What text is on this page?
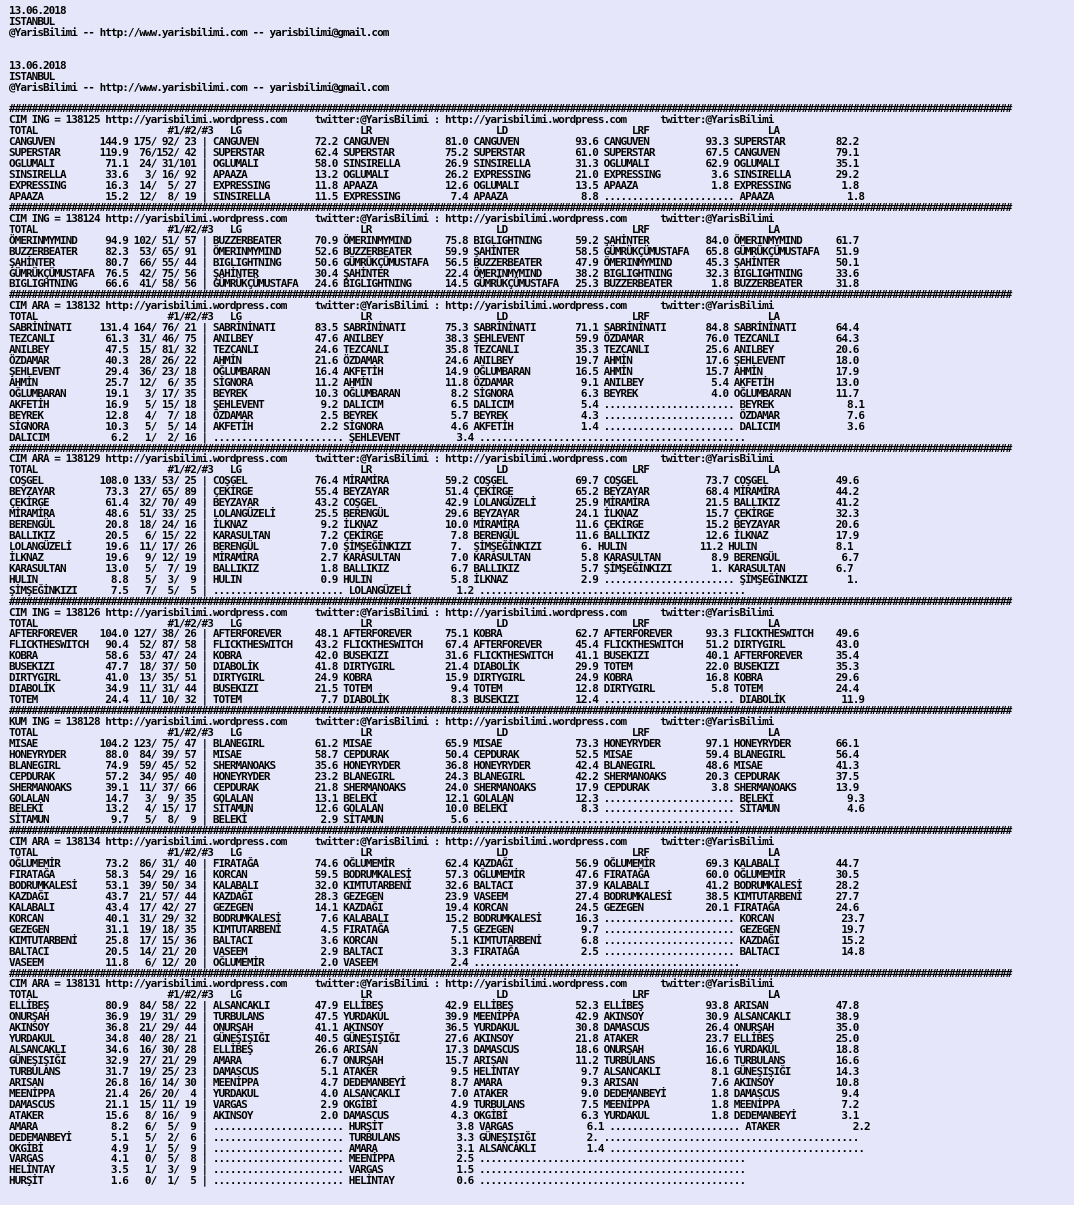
13.06.2018
ISTANBUL
@YarisBilimi -- http://www.yarisbilimi.com -- yarisbilimi@gmail.com
13.06.2018
ISTANBUL
@YarisBilimi -- http://www.yarisbilimi.com -- yarisbilimi@gmail.com
#################################################################################################################################################################################
CIM ING = 138125 http://yarisbilimi.wordpress.com     twitter:@YarisBilimi : http://yarisbilimi.wordpress.com      twitter:@YarisBilimi
TOTAL                       #1/#2/#3   LG                     LR                      LD                      LRF                     LA
CANGUVEN        144.9 175/ 92/ 23 | CANGUVEN          72.2 CANGUVEN          81.0 CANGUVEN          93.6 CANGUVEN          93.3 SUPERSTAR         82.2
SUPERSTAR       119.9  76/152/ 42 | SUPERSTAR         62.4 SUPERSTAR         75.2 SUPERSTAR         61.0 SUPERSTAR         67.5 CANGUVEN          79.1
OGLUMALI         71.1  24/ 31/101 | OGLUMALI          58.0 SINSIRELLA        26.9 SINSIRELLA        31.3 OGLUMALI          62.9 OGLUMALI          35.1
SINSIRELLA       33.6   3/ 16/ 92 | APAAZA            13.2 OGLUMALI          26.2 EXPRESSING        21.0 EXPRESSING         3.6 SINSIRELLA        29.2
EXPRESSING       16.3  14/  5/ 27 | EXPRESSING        11.8 APAAZA            12.6 OGLUMALI          13.5 APAAZA             1.8 EXPRESSING         1.8
APAAZA           15.2  12/  8/ 19 | SINSIRELLA        11.5 EXPRESSING         7.4 APAAZA             8.8 ....................... APAAZA             1.8
#################################################################################################################################################################################
CIM ING = 138124 http://yarisbilimi.wordpress.com     twitter:@YarisBilimi : http://yarisbilimi.wordpress.com      twitter:@YarisBilimi
TOTAL                       #1/#2/#3   LG                     LR                      LD                      LRF                     LA
ÖMERINMYMIND     94.9 102/ 51/ 57 | BUZZERBEATER      70.9 ÖMERINMYMIND      75.8 BIGLIGHTNING      59.2 ŞAHİNTER          84.0 ÖMERINMYMIND      61.7
BUZZERBEATER     82.3  53/ 65/ 91 | ÖMERINMYMIND      52.6 BUZZERBEATER      59.9 ŞAHİNTER          58.5 GÜMRÜKÇÜMUSTAFA   65.8 GÜMRÜKÇÜMUSTAFA   51.9
ŞAHİNTER         80.7  66/ 55/ 44 | BIGLIGHTNING      50.6 GÜMRÜKÇÜMUSTAFA   56.5 BUZZERBEATER      47.9 ÖMERINMYMIND      45.3 ŞAHİNTER          50.1
GÜMRÜKÇÜMUSTAFA  76.5  42/ 75/ 56 | ŞAHİNTER          30.4 ŞAHİNTER          22.4 ÖMERINMYMIND      38.2 BIGLIGHTNING      32.3 BIGLIGHTNING      33.6
BIGLIGHTNING     66.6  41/ 58/ 56 | GÜMRÜKÇÜMUSTAFA   24.6 BIGLIGHTNING      14.5 GÜMRÜKÇÜMUSTAFA   25.3 BUZZERBEATER       1.8 BUZZERBEATER      31.8
#################################################################################################################################################################################
CIM ARA = 138132 http://yarisbilimi.wordpress.com     twitter:@YarisBilimi : http://yarisbilimi.wordpress.com      twitter:@YarisBilimi
TOTAL                       #1/#2/#3   LG                     LR                      LD                      LRF                     LA
SABRİNİNATI     131.4 164/ 76/ 21 | SABRİNİNATI       83.5 SABRİNİNATI       75.3 SABRİNİNATI       71.1 SABRİNİNATI       84.8 SABRİNİNATI       64.4
TEZCANLI         61.3  31/ 46/ 75 | ANILBEY           47.6 ANILBEY           38.3 ŞEHLEVENT         59.9 ÖZDAMAR           76.0 TEZCANLI          64.3
ANILBEY          47.5  15/ 81/ 32 | TEZCANLI          24.6 TEZCANLI          35.8 TEZCANLI          35.3 TEZCANLI          25.6 ANILBEY           20.6
ÖZDAMAR          40.3  28/ 26/ 22 | AHMİN             21.6 ÖZDAMAR           24.6 ANILBEY           19.7 AHMİN             17.6 ŞEHLEVENT         18.0
ŞEHLEVENT        29.4  36/ 23/ 18 | OĞLUMBARAN        16.4 AKFETİH           14.9 OĞLUMBARAN        16.5 AHMİN             15.7 AHMİN             17.9
AHMİN            25.7  12/  6/ 35 | SİGNORA           11.2 AHMİN             11.8 ÖZDAMAR            9.1 ANILBEY            5.4 AKFETİH           13.0
OĞLUMBARAN       19.1   3/ 17/ 35 | BEYREK            10.3 OĞLUMBARAN         8.2 SİGNORA            6.3 BEYREK             4.0 OĞLUMBARAN        11.7
AKFETİH          16.9   5/ 15/ 18 | ŞEHLEVENT          9.2 DALICIM            6.5 DALICIM            5.4 ....................... BEYREK             8.1
BEYREK           12.8   4/  7/ 18 | ÖZDAMAR            2.5 BEYREK             5.7 BEYREK             4.3 ....................... ÖZDAMAR            7.6
SİGNORA          10.3   5/  5/ 14 | AKFETİH            2.2 SİGNORA            4.6 AKFETİH            1.4 ....................... DALICIM            3.6
DALICIM           6.2   1/  2/ 16 | ....................... ŞEHLEVENT          3.4 ...............................................
#################################################################################################################################################################################
CIM ARA = 138129 http://yarisbilimi.wordpress.com     twitter:@YarisBilimi : http://yarisbilimi.wordpress.com      twitter:@YarisBilimi
TOTAL                       #1/#2/#3   LG                     LR                      LD                      LRF                     LA
COŞGEL          108.0 133/ 53/ 25 | COŞGEL            76.4 MİRAMİRA          59.2 COŞGEL            69.7 COŞGEL            73.7 COŞGEL            49.6
BEYZAYAR         73.3  27/ 65/ 89 | ÇEKİRGE           55.4 BEYZAYAR          51.4 ÇEKİRGE           65.2 BEYZAYAR          68.4 MİRAMİRA          44.2
ÇEKİRGE          61.4  32/ 70/ 49 | BEYZAYAR          43.2 COŞGEL            42.9 LOLANGÜZELİ       25.9 MİRAMİRA          21.5 BALLIKIZ          41.2
MİRAMİRA         48.6  51/ 33/ 25 | LOLANGÜZELİ       25.5 BERENGÜL          29.6 BEYZAYAR          24.1 İLKNAZ            15.7 ÇEKİRGE           32.3
BERENGÜL         20.8  18/ 24/ 16 | İLKNAZ             9.2 İLKNAZ            10.0 MİRAMİRA          11.6 ÇEKİRGE           15.2 BEYZAYAR          20.6
BALLIKIZ         20.5   6/ 15/ 22 | KARASULTAN         7.2 ÇEKİRGE            7.8 BERENGÜL          11.6 BALLIKIZ          12.6 İLKNAZ            17.9
LOLANGÜZELİ      19.6  11/ 17/ 26 | BERENGÜL           7.0 ŞİMŞEĞİNKIZI       7.  ŞİMŞEĞİNKIZI       6. HULIN             11.2 HULIN              8.1
İLKNAZ           19.6   9/ 12/ 19 | MİRAMİRA           2.7 KARASULTAN         7.0 KARASULTAN         5.8 KARASULTAN         8.9 BERENGÜL           6.7
KARASULTAN       13.0   5/  7/ 19 | BALLIKIZ           1.8 BALLIKIZ           6.7 BALLIKIZ           5.7 ŞİMŞEĞİNKIZI       1. KARASULTAN         6.7
HULIN             8.8   5/  3/  9 | HULIN              0.9 HULIN              5.8 İLKNAZ             2.9 ....................... ŞİMŞEĞİNKIZI       1.
ŞİMŞEĞİNKIZI      7.5   7/  5/  5 | ....................... LOLANGÜZELİ        1.2 ...............................................
#################################################################################################################################################################################
CIM ING = 138126 http://yarisbilimi.wordpress.com     twitter:@YarisBilimi : http://yarisbilimi.wordpress.com      twitter:@YarisBilimi
TOTAL                       #1/#2/#3   LG                     LR                      LD                      LRF                     LA
AFTERFOREVER    104.0 127/ 38/ 26 | AFTERFOREVER      48.1 AFTERFOREVER      75.1 KOBRA             62.7 AFTERFOREVER      93.3 FLICKTHESWITCH    49.6
FLICKTHESWITCH   90.4  52/ 87/ 58 | FLICKTHESWITCH    43.2 FLICKTHESWITCH    67.4 AFTERFOREVER      45.4 FLICKTHESWITCH    51.2 DIRTYGIRL         43.0
KOBRA            58.6  53/ 47/ 24 | KOBRA             42.0 BUSEKIZI          31.6 FLICKTHESWITCH    41.1 BUSEKIZI          40.1 AFTERFOREVER      35.4
BUSEKIZI         47.7  18/ 37/ 50 | DIABOLİK          41.8 DIRTYGIRL         21.4 DIABOLİK          29.9 TOTEM             22.0 BUSEKIZI          35.3
DIRTYGIRL        41.0  13/ 35/ 51 | DIRTYGIRL         24.9 KOBRA             15.9 DIRTYGIRL         24.9 KOBRA             16.8 KOBRA             29.6
DIABOLİK         34.9  11/ 31/ 44 | BUSEKIZI          21.5 TOTEM              9.4 TOTEM             12.8 DIRTYGIRL          5.8 TOTEM             24.4
TOTEM            24.4  11/ 10/ 32 | TOTEM              7.7 DIABOLİK           8.3 BUSEKIZI          12.4 ....................... DIABOLİK          11.9
#################################################################################################################################################################################
KUM ING = 138128 http://yarisbilimi.wordpress.com     twitter:@YarisBilimi : http://yarisbilimi.wordpress.com      twitter:@YarisBilimi
TOTAL                       #1/#2/#3   LG                     LR                      LD                      LRF                     LA
MISAE           104.2 123/ 75/ 47 | BLANEGIRL         61.2 MISAE             65.9 MISAE             73.3 HONEYRYDER        97.1 HONEYRYDER        66.1
HONEYRYDER       88.0  84/ 39/ 57 | MISAE             58.7 CEPDURAK          50.4 CEPDURAK          52.5 MISAE             59.4 BLANEGIRL         56.4
BLANEGIRL        74.9  59/ 45/ 52 | SHERMANOAKS       35.6 HONEYRYDER        36.8 HONEYRYDER        42.4 BLANEGIRL         48.6 MISAE             41.3
CEPDURAK         57.2  34/ 95/ 40 | HONEYRYDER        23.2 BLANEGIRL         24.3 BLANEGIRL         42.2 SHERMANOAKS       20.3 CEPDURAK          37.5
SHERMANOAKS      39.1  11/ 37/ 66 | CEPDURAK          21.8 SHERMANOAKS       24.0 SHERMANOAKS       17.9 CEPDURAK           3.8 SHERMANOAKS       13.9
GOLALAN          14.7   3/  9/ 35 | GOLALAN           13.1 BELEKİ            12.1 GOLALAN           12.3 ....................... BELEKİ             9.3
BELEKİ           13.2   4/ 15/ 17 | SİTAMUN           12.6 GOLALAN           10.0 BELEKİ             8.3 ....................... SİTAMUN            4.6
SİTAMUN           9.7   5/  8/  9 | BELEKİ             2.9 SİTAMUN            5.6 ...............................................
#################################################################################################################################################################################
CIM ARA = 138134 http://yarisbilimi.wordpress.com     twitter:@YarisBilimi : http://yarisbilimi.wordpress.com      twitter:@YarisBilimi
TOTAL                       #1/#2/#3   LG                     LR                      LD                      LRF                     LA
OĞLUMEMİR        73.2  86/ 31/ 40 | FIRATAĞA          74.6 OĞLUMEMİR         62.4 KAZDAĞI           56.9 OĞLUMEMİR         69.3 KALABALI          44.7
FIRATAĞA         58.3  54/ 29/ 16 | KORCAN            59.5 BODRUMKALESİ      57.3 OĞLUMEMİR         47.6 FIRATAĞA          60.0 OĞLUMEMİR         30.5
BODRUMKALESİ     53.1  39/ 50/ 34 | KALABALI          32.0 KIMTUTARBENİ      32.6 BALTACI           37.9 KALABALI          41.2 BODRUMKALESİ      28.2
KAZDAĞI          43.7  21/ 57/ 44 | KAZDAĞI           28.3 GEZEGEN           23.9 VASEEM            27.4 BODRUMKALESİ      38.5 KIMTUTARBENİ      27.7
KALABALI         43.4  17/ 42/ 27 | GEZEGEN           14.1 KAZDAĞI           19.4 KORCAN            24.5 GEZEGEN           20.1 FIRATAĞA          24.6
KORCAN           40.1  31/ 29/ 32 | BODRUMKALESİ       7.6 KALABALI          15.2 BODRUMKALESİ      16.3 ....................... KORCAN            23.7
GEZEGEN          31.1  19/ 18/ 35 | KIMTUTARBENİ       4.5 FIRATAĞA           7.5 GEZEGEN            9.7 ....................... GEZEGEN           19.7
KIMTUTARBENİ     25.8  17/ 15/ 36 | BALTACI            3.6 KORCAN             5.1 KIMTUTARBENİ       6.8 ....................... KAZDAĞI           15.2
BALTACI          20.5  14/ 21/ 20 | VASEEM             2.9 BALTACI            3.3 FIRATAĞA           2.5 ....................... BALTACI           14.8
VASEEM           11.8   6/ 12/ 20 | OĞLUMEMİR          2.0 VASEEM             2.4 ...............................................
#################################################################################################################################################################################
CIM ARA = 138131 http://yarisbilimi.wordpress.com     twitter:@YarisBilimi : http://yarisbilimi.wordpress.com      twitter:@YarisBilimi
TOTAL                       #1/#2/#3   LG                     LR                      LD                      LRF                     LA
ELLİBEŞ          80.9  84/ 58/ 22 | ALSANCAKLI        47.9 ELLİBEŞ           42.9 ELLİBEŞ           52.3 ELLİBEŞ           93.8 ARISAN            47.8
ONURŞAH          36.9  19/ 31/ 29 | TURBULANS         47.5 YURDAKUL          39.9 MEENİPPA          42.9 AKINSOY           30.9 ALSANCAKLI        38.9
AKINSOY          36.8  21/ 29/ 44 | ONURŞAH           41.1 AKINSOY           36.5 YURDAKUL          30.8 DAMASCUS          26.4 ONURŞAH           35.0
YURDAKUL         34.8  40/ 28/ 21 | GÜNEŞIŞIĞI        40.5 GÜNEŞIŞIĞI        27.6 AKINSOY           21.8 ATAKER            23.7 ELLİBEŞ           25.0
ALSANCAKLI       34.6  16/ 30/ 28 | ELLİBEŞ           26.6 ARISAN            17.3 DAMASCUS          18.6 ONURŞAH           16.6 YURDAKUL          18.8
GÜNEŞIŞIĞI       32.9  27/ 21/ 29 | AMARA              6.7 ONURŞAH           15.7 ARISAN            11.2 TURBULANS         16.6 TURBULANS         16.6
TURBULANS        31.7  19/ 25/ 23 | DAMASCUS           5.1 ATAKER             9.5 HELİNTAY           9.7 ALSANCAKLI         8.1 GÜNEŞIŞIĞI        14.3
ARISAN           26.8  16/ 14/ 30 | MEENİPPA           4.7 DEDEMANBEYİ        8.7 AMARA              9.3 ARISAN             7.6 AKINSOY           10.8
MEENİPPA         21.4  26/ 20/  4 | YURDAKUL           4.0 ALSANCAKLI         7.0 ATAKER             9.0 DEDEMANBEYİ        1.8 DAMASCUS           9.4
DAMASCUS         21.1  15/ 11/ 19 | VARGAS             2.9 OKGİBİ             4.9 TURBULANS          7.5 MEENİPPA           1.8 MEENİPPA           7.2
ATAKER           15.6   8/ 16/  9 | AKINSOY            2.0 DAMASCUS           4.3 OKGİBİ             6.3 YURDAKUL           1.8 DEDEMANBEYİ        3.1
AMARA             8.2   6/  5/  9 | ....................... HURŞİT             3.8 VARGAS             6.1 ....................... ATAKER             2.2
DEDEMANBEYİ       5.1   5/  2/  6 | ....................... TURBULANS          3.3 GÜNEŞIŞIĞI         2. .............................................
OKGİBİ            4.9   1/  5/  9 | ....................... AMARA              3.1 ALSANCAKLI         1.4 .............................................
VARGAS            4.1   0/  5/  8 | ....................... MEENİPPA           2.5 ...............................................
HELİNTAY          3.5   1/  3/  9 | ....................... VARGAS             1.5 ...............................................
HURŞİT            1.6   0/  1/  5 | ....................... HELİNTAY           0.6 ...............................................
